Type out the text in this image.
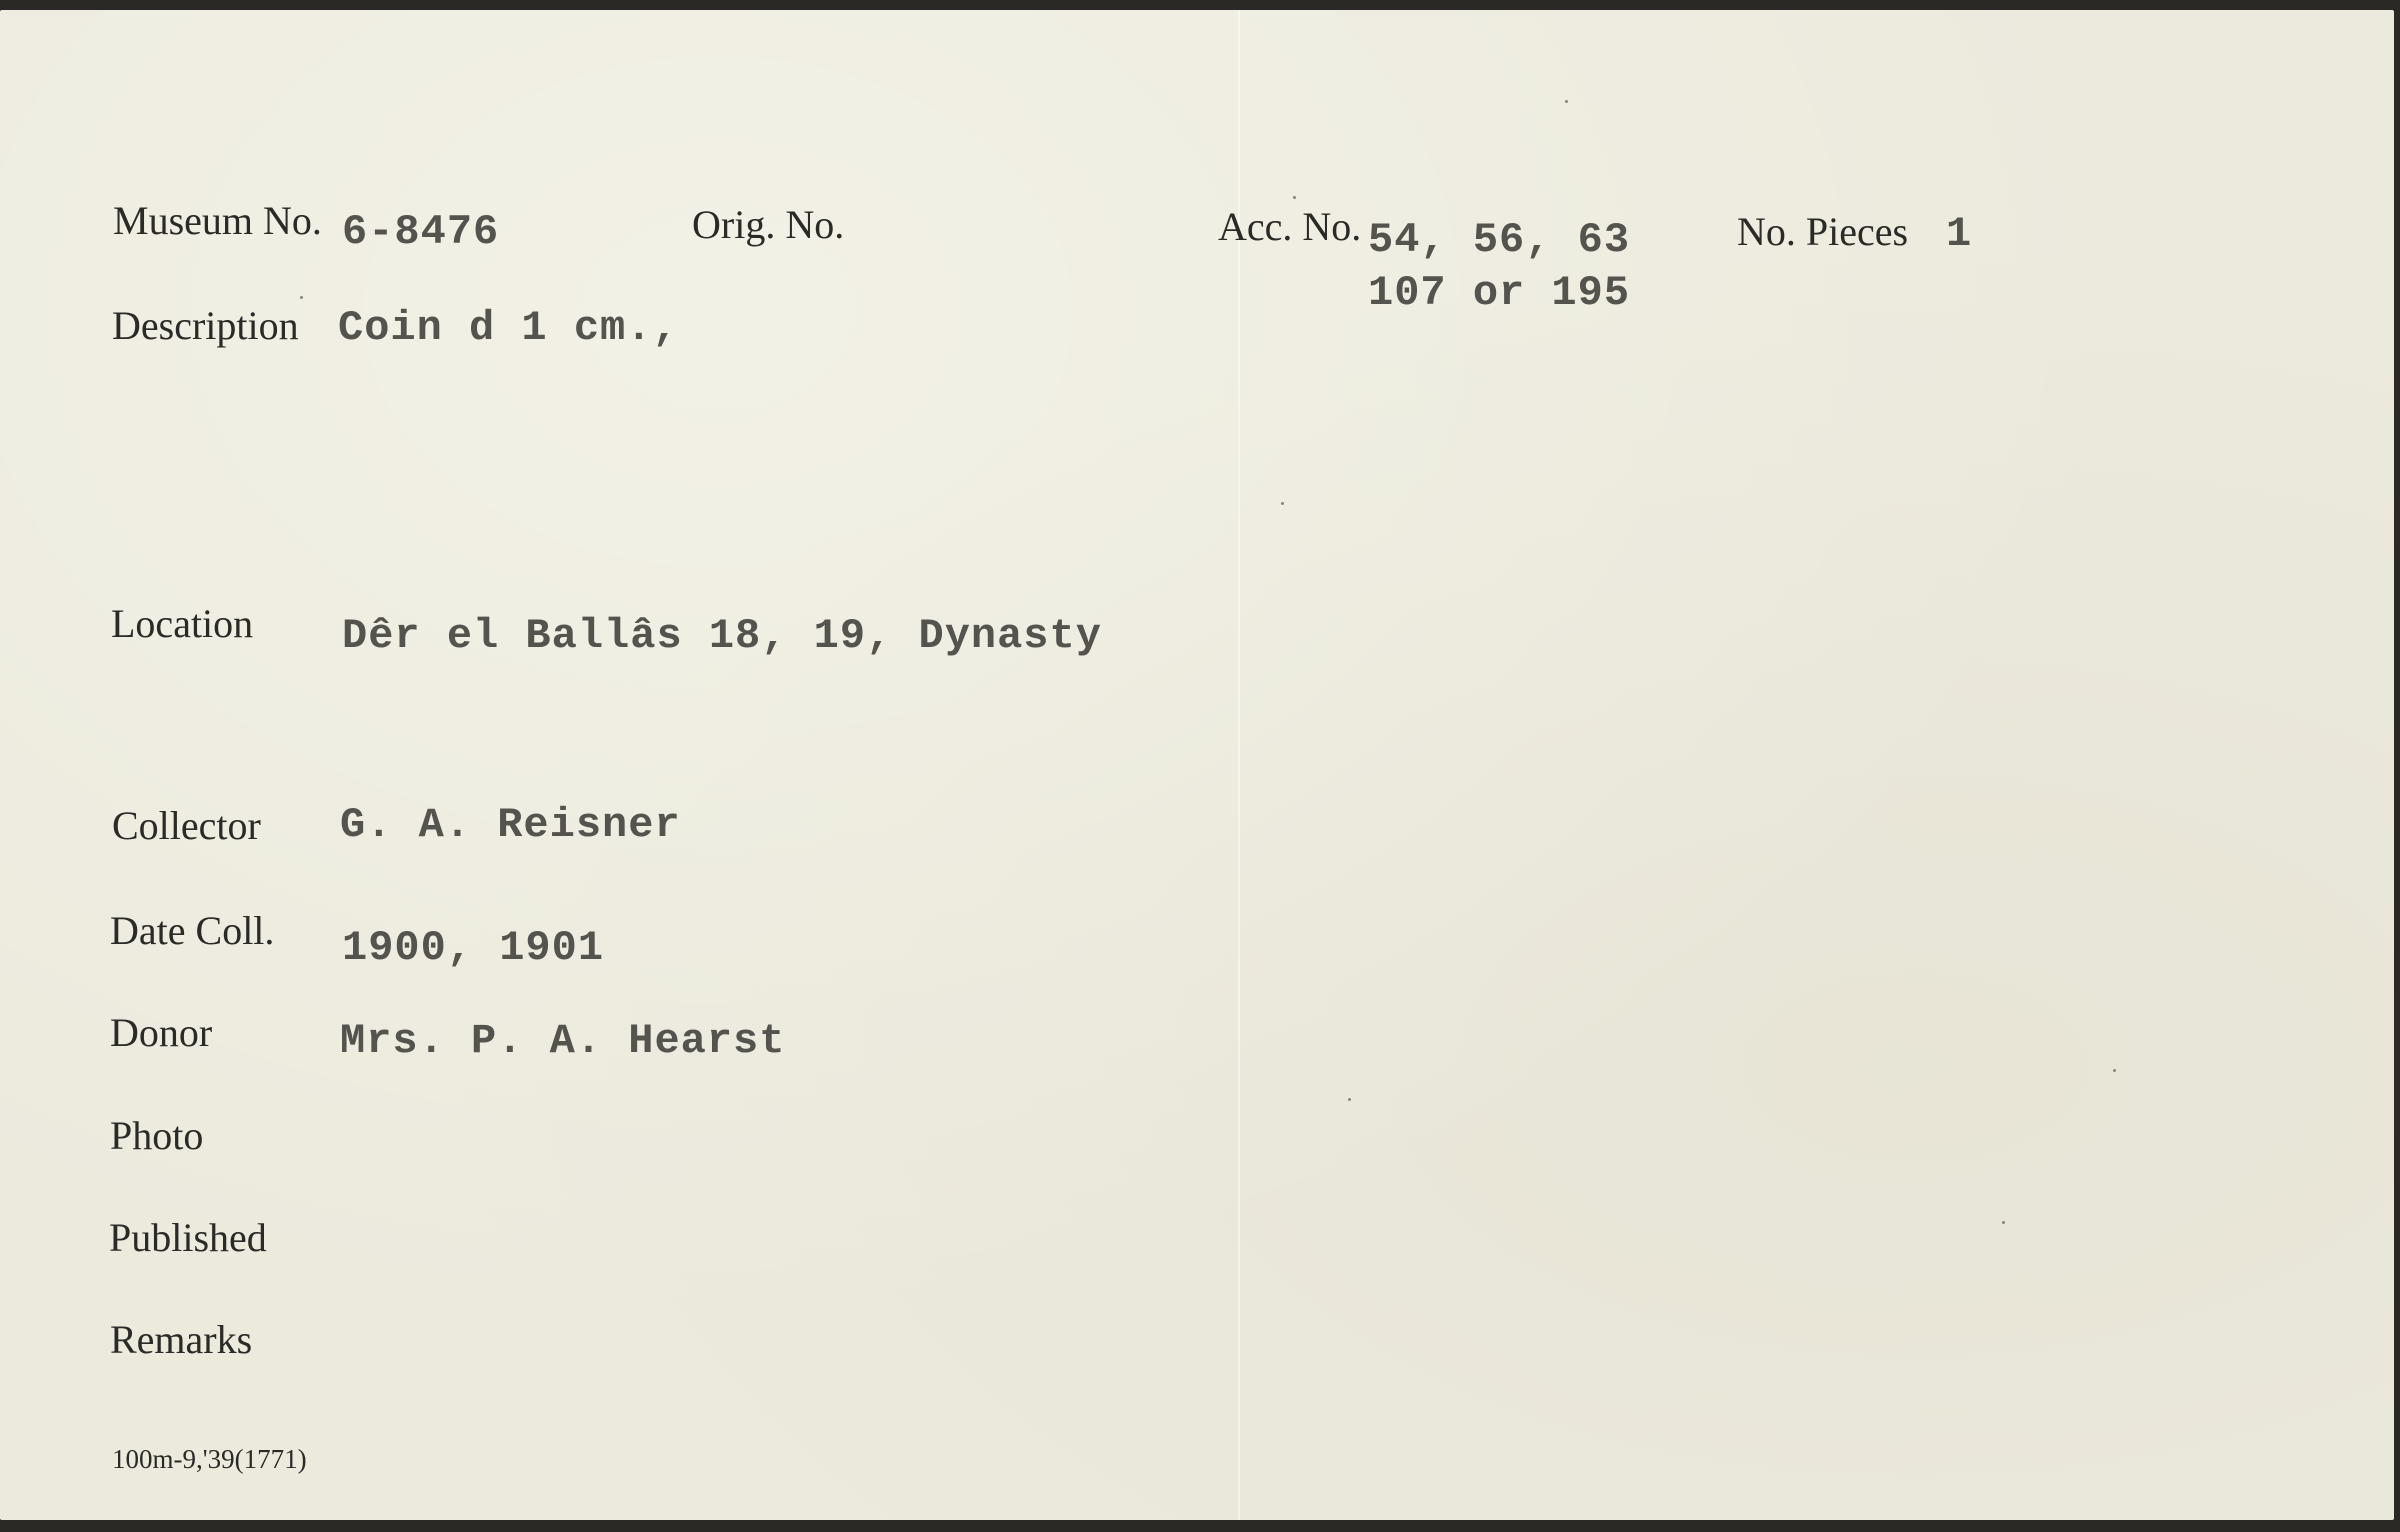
Museum No. 6-8476	Orig. No.	Acc. No. 54, 56, 63
107 or 195
No. Pieces 1
Description Coin d 1 cm.,
Location Dêr el Ballâs 18, 19, Dynasty
Collector G. A. Reisner
Date Coll. 1900, 1901
Donor	Mrs. P. A. Hearst
Photo
Published
Remarks
100m-9,'39(1771)
